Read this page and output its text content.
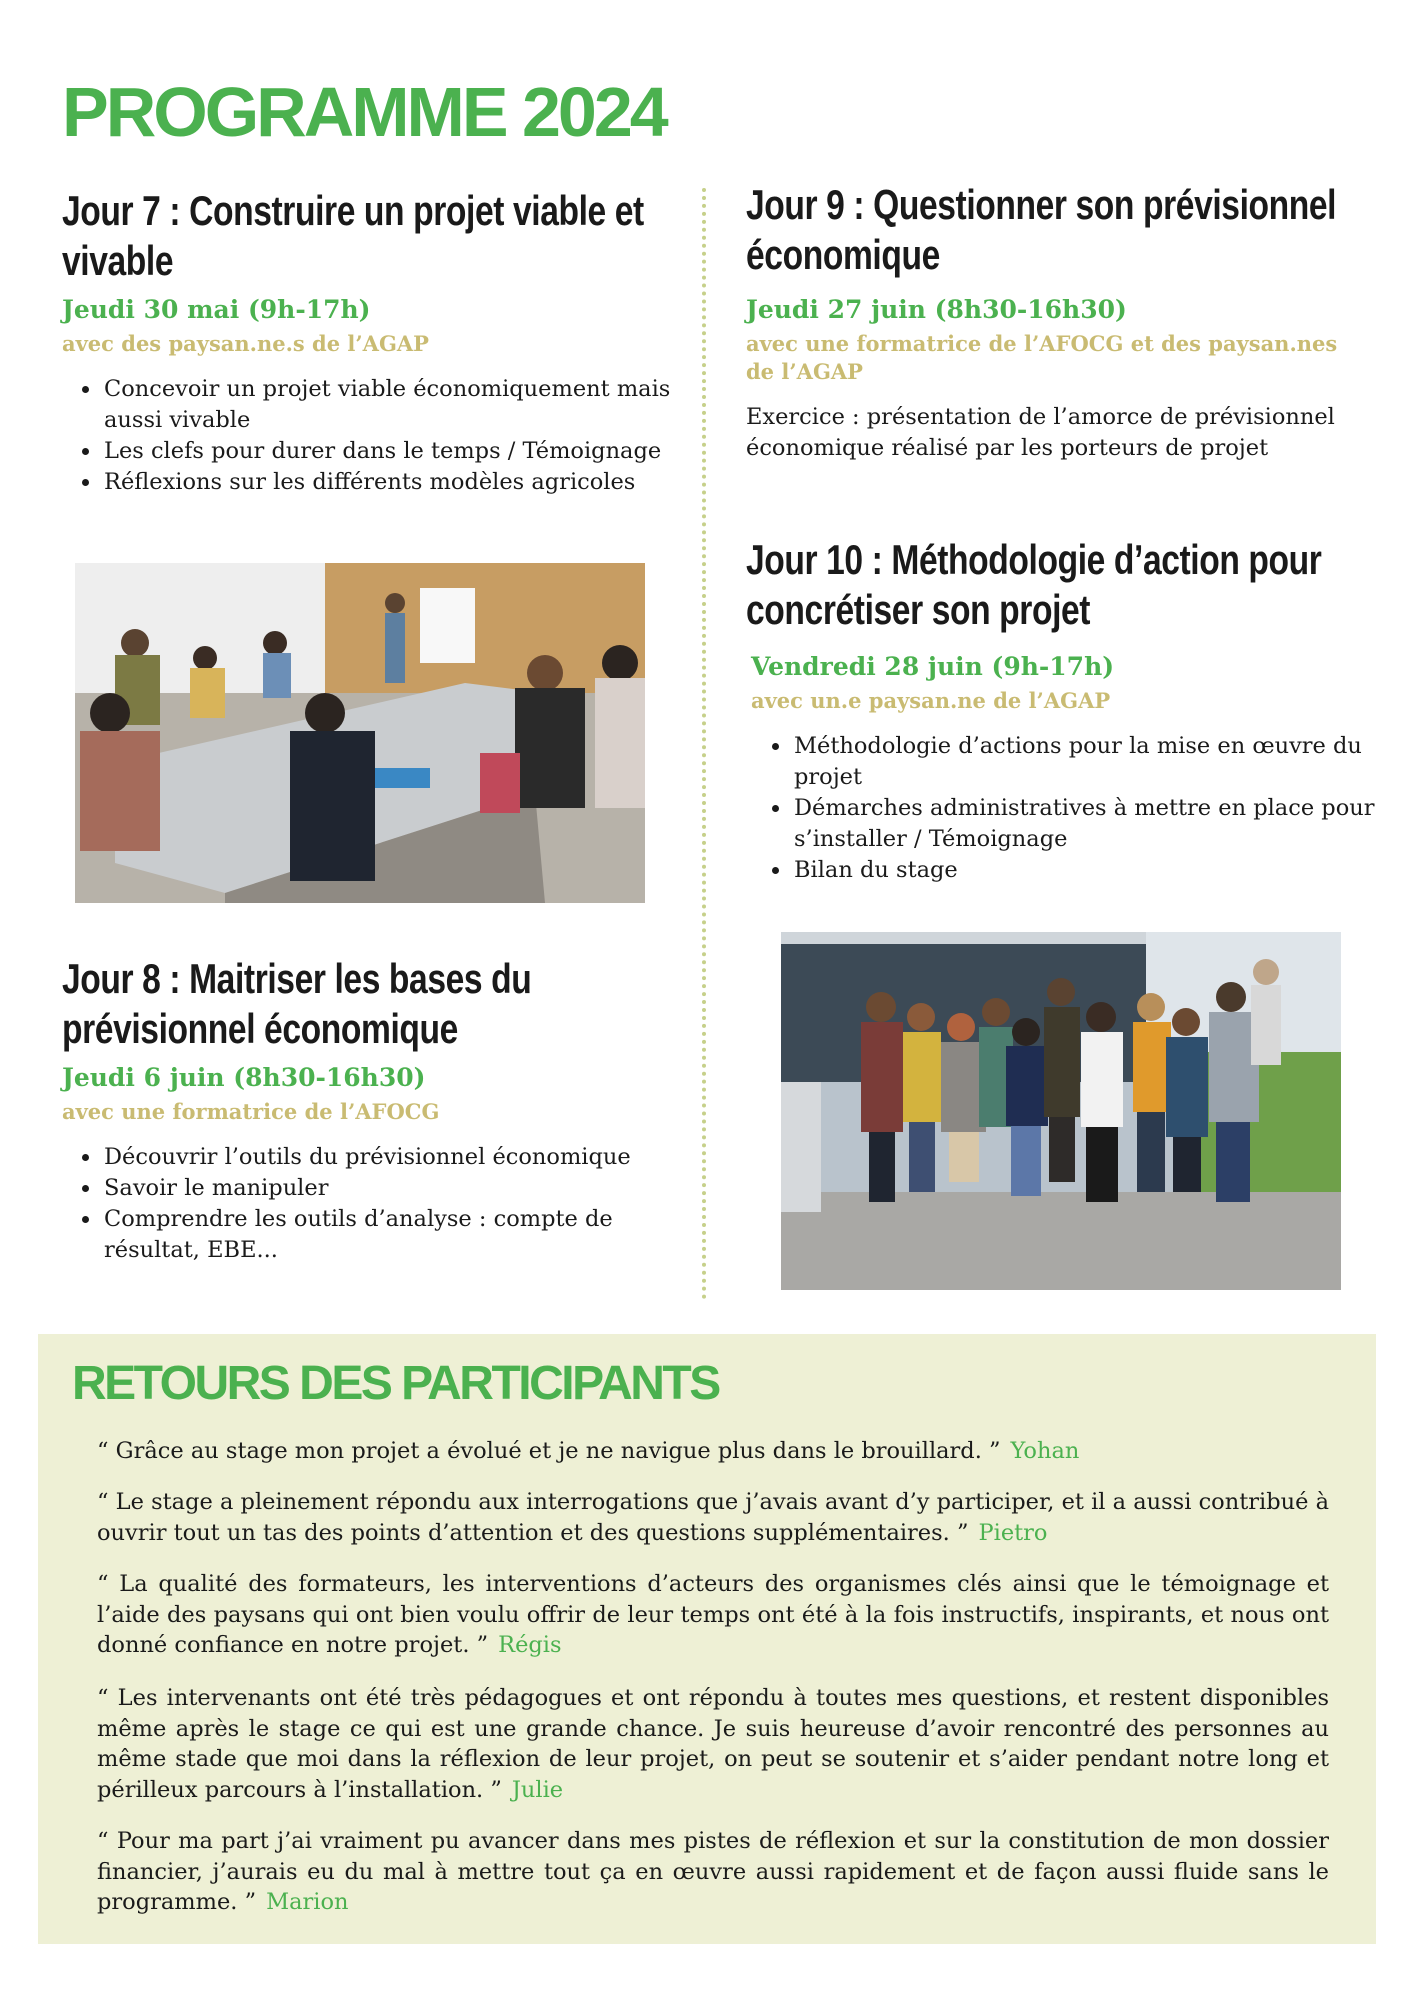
PROGRAMME 2024
Jour 7 : Construire un projet viable et vivable

Jeudi 30 mai (9h-17h)

avec des paysan.ne.s de l’AGAP

• Concevoir un projet viable économiquement mais aussi vivable
• Les clefs pour durer dans le temps / Témoignage
• Réflexions sur les différents modèles agricoles
Jour 8 : Maitriser les bases du prévisionnel économique

Jeudi 6 juin (8h30-16h30)

avec une formatrice de l’AFOCG

• Découvrir l’outils du prévisionnel économique
• Savoir le manipuler
• Comprendre les outils d’analyse : compte de résultat, EBE...
Jour 9 : Questionner son prévisionnel économique

Jeudi 27 juin (8h30-16h30)

avec une formatrice de l’AFOCG et des paysan.nes de l’AGAP

Exercice : présentation de l’amorce de prévisionnel économique réalisé par les porteurs de projet

Jour 10 : Méthodologie d’action pour concrétiser son projet

Vendredi 28 juin (9h-17h)

avec un.e paysan.ne de l’AGAP

• Méthodologie d’actions pour la mise en œuvre du projet
• Démarches administratives à mettre en place pour s’installer / Témoignage
• Bilan du stage
RETOURS DES PARTICIPANTS

“ Grâce au stage mon projet a évolué et je ne navigue plus dans le brouillard. ” Yohan

“ Le stage a pleinement répondu aux interrogations que j’avais avant d’y participer, et il a aussi contribué à ouvrir tout un tas des points d’attention et des questions supplémentaires. ” Pietro

“ La qualité des formateurs, les interventions d’acteurs des organismes clés ainsi que le témoignage et l’aide des paysans qui ont bien voulu offrir de leur temps ont été à la fois instructifs, inspirants, et nous ont donné confiance en notre projet. ” Régis

“ Les intervenants ont été très pédagogues et ont répondu à toutes mes questions, et restent disponibles même après le stage ce qui est une grande chance. Je suis heureuse d’avoir rencontré des personnes au même stade que moi dans la réflexion de leur projet, on peut se soutenir et s’aider pendant notre long et périlleux parcours à l’installation. ” Julie

“ Pour ma part j’ai vraiment pu avancer dans mes pistes de réflexion et sur la constitution de mon dossier financier, j’aurais eu du mal à mettre tout ça en œuvre aussi rapidement et de façon aussi fluide sans le programme. ” Marion
